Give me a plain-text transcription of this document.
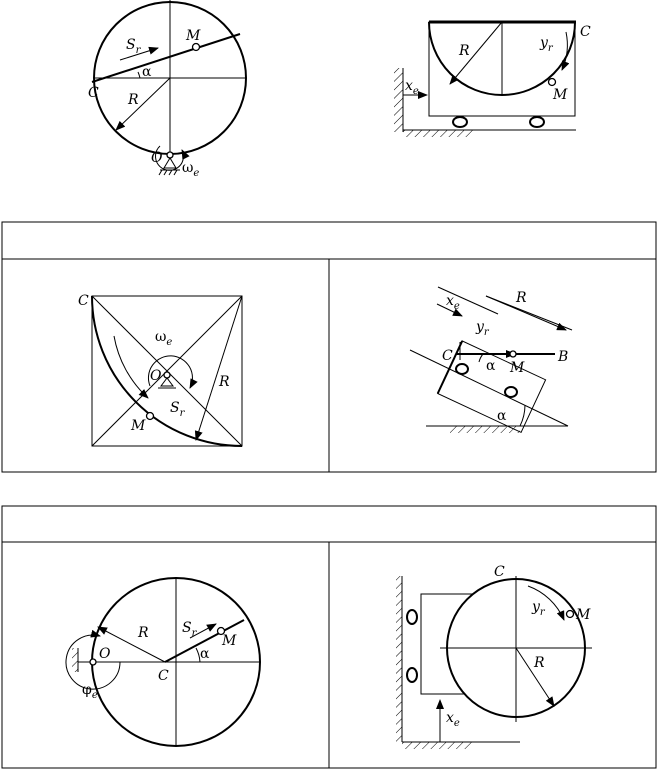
$S_r$
M
α
C R
O
$\omega_e$
R	$y_r$
C
M
$x_e$
C
$\omega_e$
O	R
$S_r$
M
$x_e$
R
$y_r$
C
α M
B
α
R $S_r$ M
α
C
O
$\varphi_e$
C
$y_r$ M
R
$x_e$
